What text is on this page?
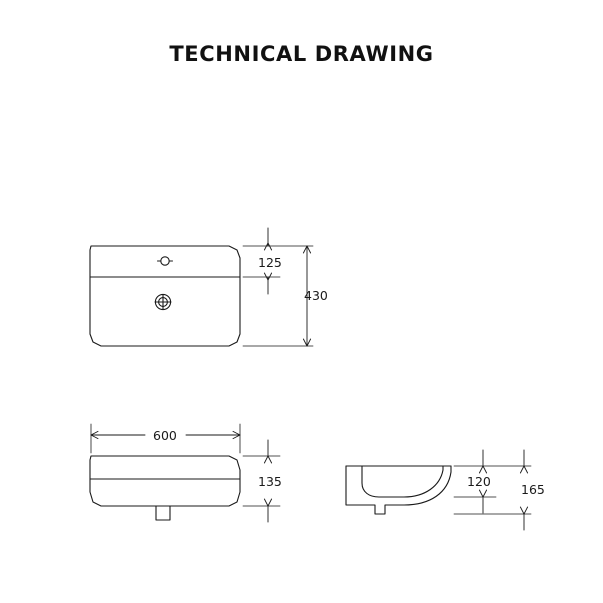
TECHNICAL DRAWING
125
430
600
135	120
165
